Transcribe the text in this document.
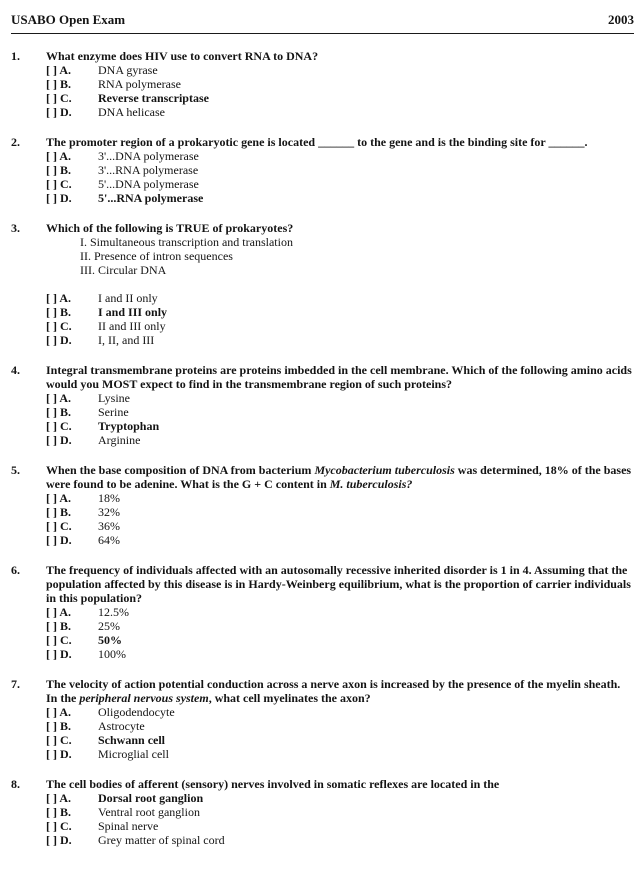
USABO Open Exam	2003
1.	What enzyme does HIV use to convert RNA to DNA?
[ ] A.	DNA gyrase
[ ] B.	RNA polymerase
[ ] C.	Reverse transcriptase
[ ] D.	DNA helicase
2.	The promoter region of a prokaryotic gene is located ______ to the gene and is the binding site for ______.
[ ] A.	3'...DNA polymerase
[ ] B.	3'...RNA polymerase
[ ] C.	5'...DNA polymerase
[ ] D.	5'...RNA polymerase
3.	Which of the following is TRUE of prokaryotes?
I. Simultaneous transcription and translation
II. Presence of intron sequences
III. Circular DNA
[ ] A.	I and II only
[ ] B.	I and III only
[ ] C.	II and III only
[ ] D.	I, II, and III
4.	Integral transmembrane proteins are proteins imbedded in the cell membrane. Which of the following amino acids would you MOST expect to find in the transmembrane region of such proteins?
[ ] A.	Lysine
[ ] B.	Serine
[ ] C.	Tryptophan
[ ] D.	Arginine
5.	When the base composition of DNA from bacterium Mycobacterium tuberculosis was determined, 18% of the bases were found to be adenine. What is the G + C content in M. tuberculosis?
[ ] A.	18%
[ ] B.	32%
[ ] C.	36%
[ ] D.	64%
6.	The frequency of individuals affected with an autosomally recessive inherited disorder is 1 in 4. Assuming that the population affected by this disease is in Hardy-Weinberg equilibrium, what is the proportion of carrier individuals in this population?
[ ] A.	12.5%
[ ] B.	25%
[ ] C.	50%
[ ] D.	100%
7.	The velocity of action potential conduction across a nerve axon is increased by the presence of the myelin sheath. In the peripheral nervous system, what cell myelinates the axon?
[ ] A.	Oligodendocyte
[ ] B.	Astrocyte
[ ] C.	Schwann cell
[ ] D.	Microglial cell
8.	The cell bodies of afferent (sensory) nerves involved in somatic reflexes are located in the
[ ] A.	Dorsal root ganglion
[ ] B.	Ventral root ganglion
[ ] C.	Spinal nerve
[ ] D.	Grey matter of spinal cord
